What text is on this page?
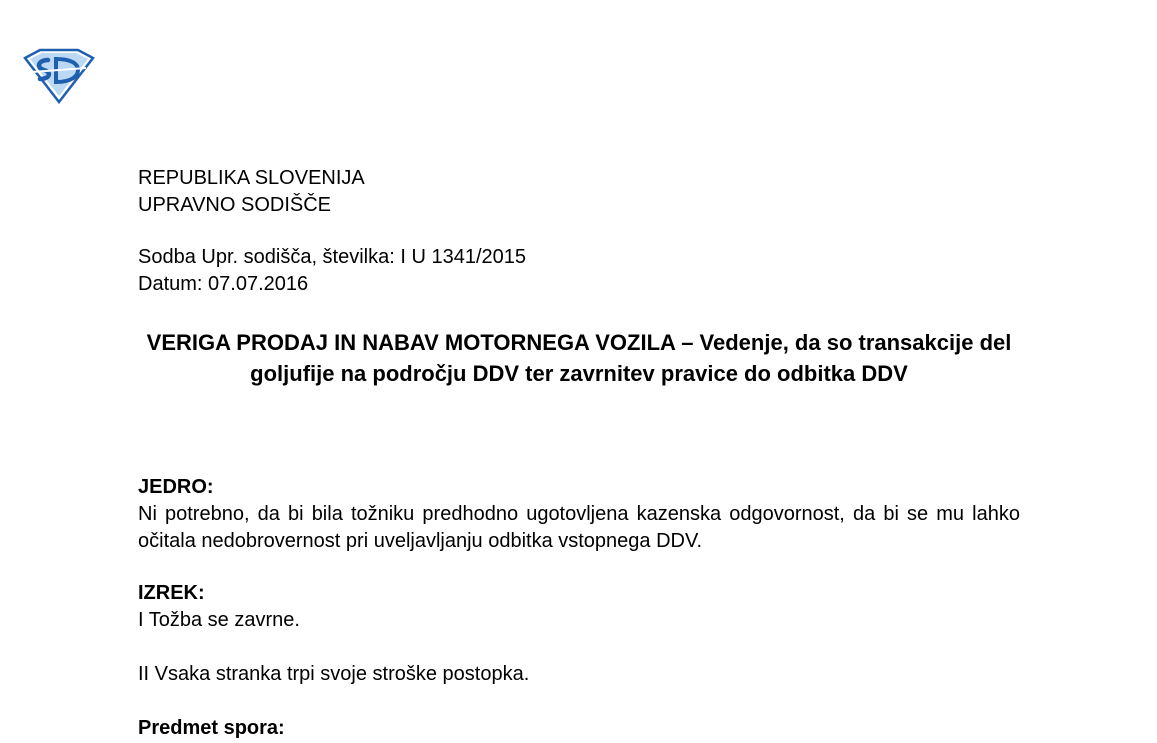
REPUBLIKA SLOVENIJA
UPRAVNO SODIŠČE
Sodba Upr. sodišča, številka: I U 1341/2015
Datum: 07.07.2016
VERIGA PRODAJ IN NABAV MOTORNEGA VOZILA – Vedenje, da so transakcije del goljufije na področju DDV ter zavrnitev pravice do odbitka DDV
JEDRO:
Ni potrebno, da bi bila tožniku predhodno ugotovljena kazenska odgovornost, da bi se mu lahko očitala nedobrovernost pri uveljavljanju odbitka vstopnega DDV.
IZREK:
I Tožba se zavrne.
II Vsaka stranka trpi svoje stroške postopka.
Predmet spora:
